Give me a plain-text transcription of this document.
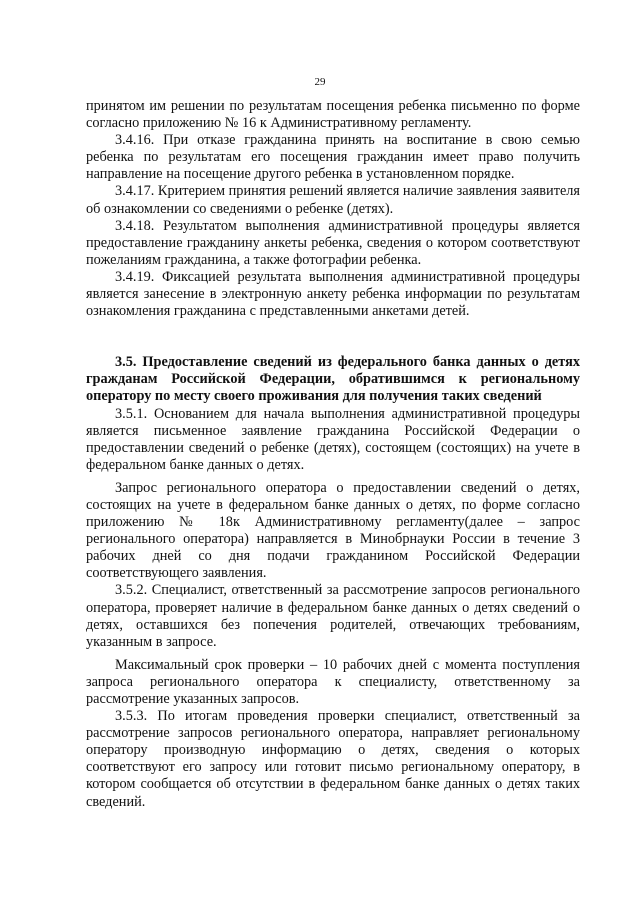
29

принятом им решении по результатам посещения ребенка письменно по форме согласно приложению № 16 к Административному регламенту.

3.4.16. При отказе гражданина принять на воспитание в свою семью ребенка по результатам его посещения гражданин имеет право получить направление на посещение другого ребенка в установленном порядке.

3.4.17. Критерием принятия решений является наличие заявления заявителя об ознакомлении со сведениями о ребенке (детях).

3.4.18. Результатом выполнения административной процедуры является предоставление гражданину анкеты ребенка, сведения о котором соответствуют пожеланиям гражданина, а также фотографии ребенка.

3.4.19. Фиксацией результата выполнения административной процедуры является занесение в электронную анкету ребенка информации по результатам ознакомления гражданина с представленными анкетами детей.

3.5. Предоставление сведений из федерального банка данных о детях гражданам Российской Федерации, обратившимся к региональному оператору по месту своего проживания для получения таких сведений

3.5.1. Основанием для начала выполнения административной процедуры является письменное заявление гражданина Российской Федерации о предоставлении сведений о ребенке (детях), состоящем (состоящих) на учете в федеральном банке данных о детях.

Запрос регионального оператора о предоставлении сведений о детях, состоящих на учете в федеральном банке данных о детях, по форме согласно приложению № 18к Административному регламенту(далее – запрос регионального оператора) направляется в Минобрнауки России в течение 3 рабочих дней со дня подачи гражданином Российской Федерации соответствующего заявления.

3.5.2. Специалист, ответственный за рассмотрение запросов регионального оператора, проверяет наличие в федеральном банке данных о детях сведений о детях, оставшихся без попечения родителей, отвечающих требованиям, указанным в запросе.

Максимальный срок проверки – 10 рабочих дней с момента поступления запроса регионального оператора к специалисту, ответственному за рассмотрение указанных запросов.

3.5.3. По итогам проведения проверки специалист, ответственный за рассмотрение запросов регионального оператора, направляет региональному оператору производную информацию о детях, сведения о которых соответствуют его запросу или готовит письмо региональному оператору, в котором сообщается об отсутствии в федеральном банке данных о детях таких сведений.
